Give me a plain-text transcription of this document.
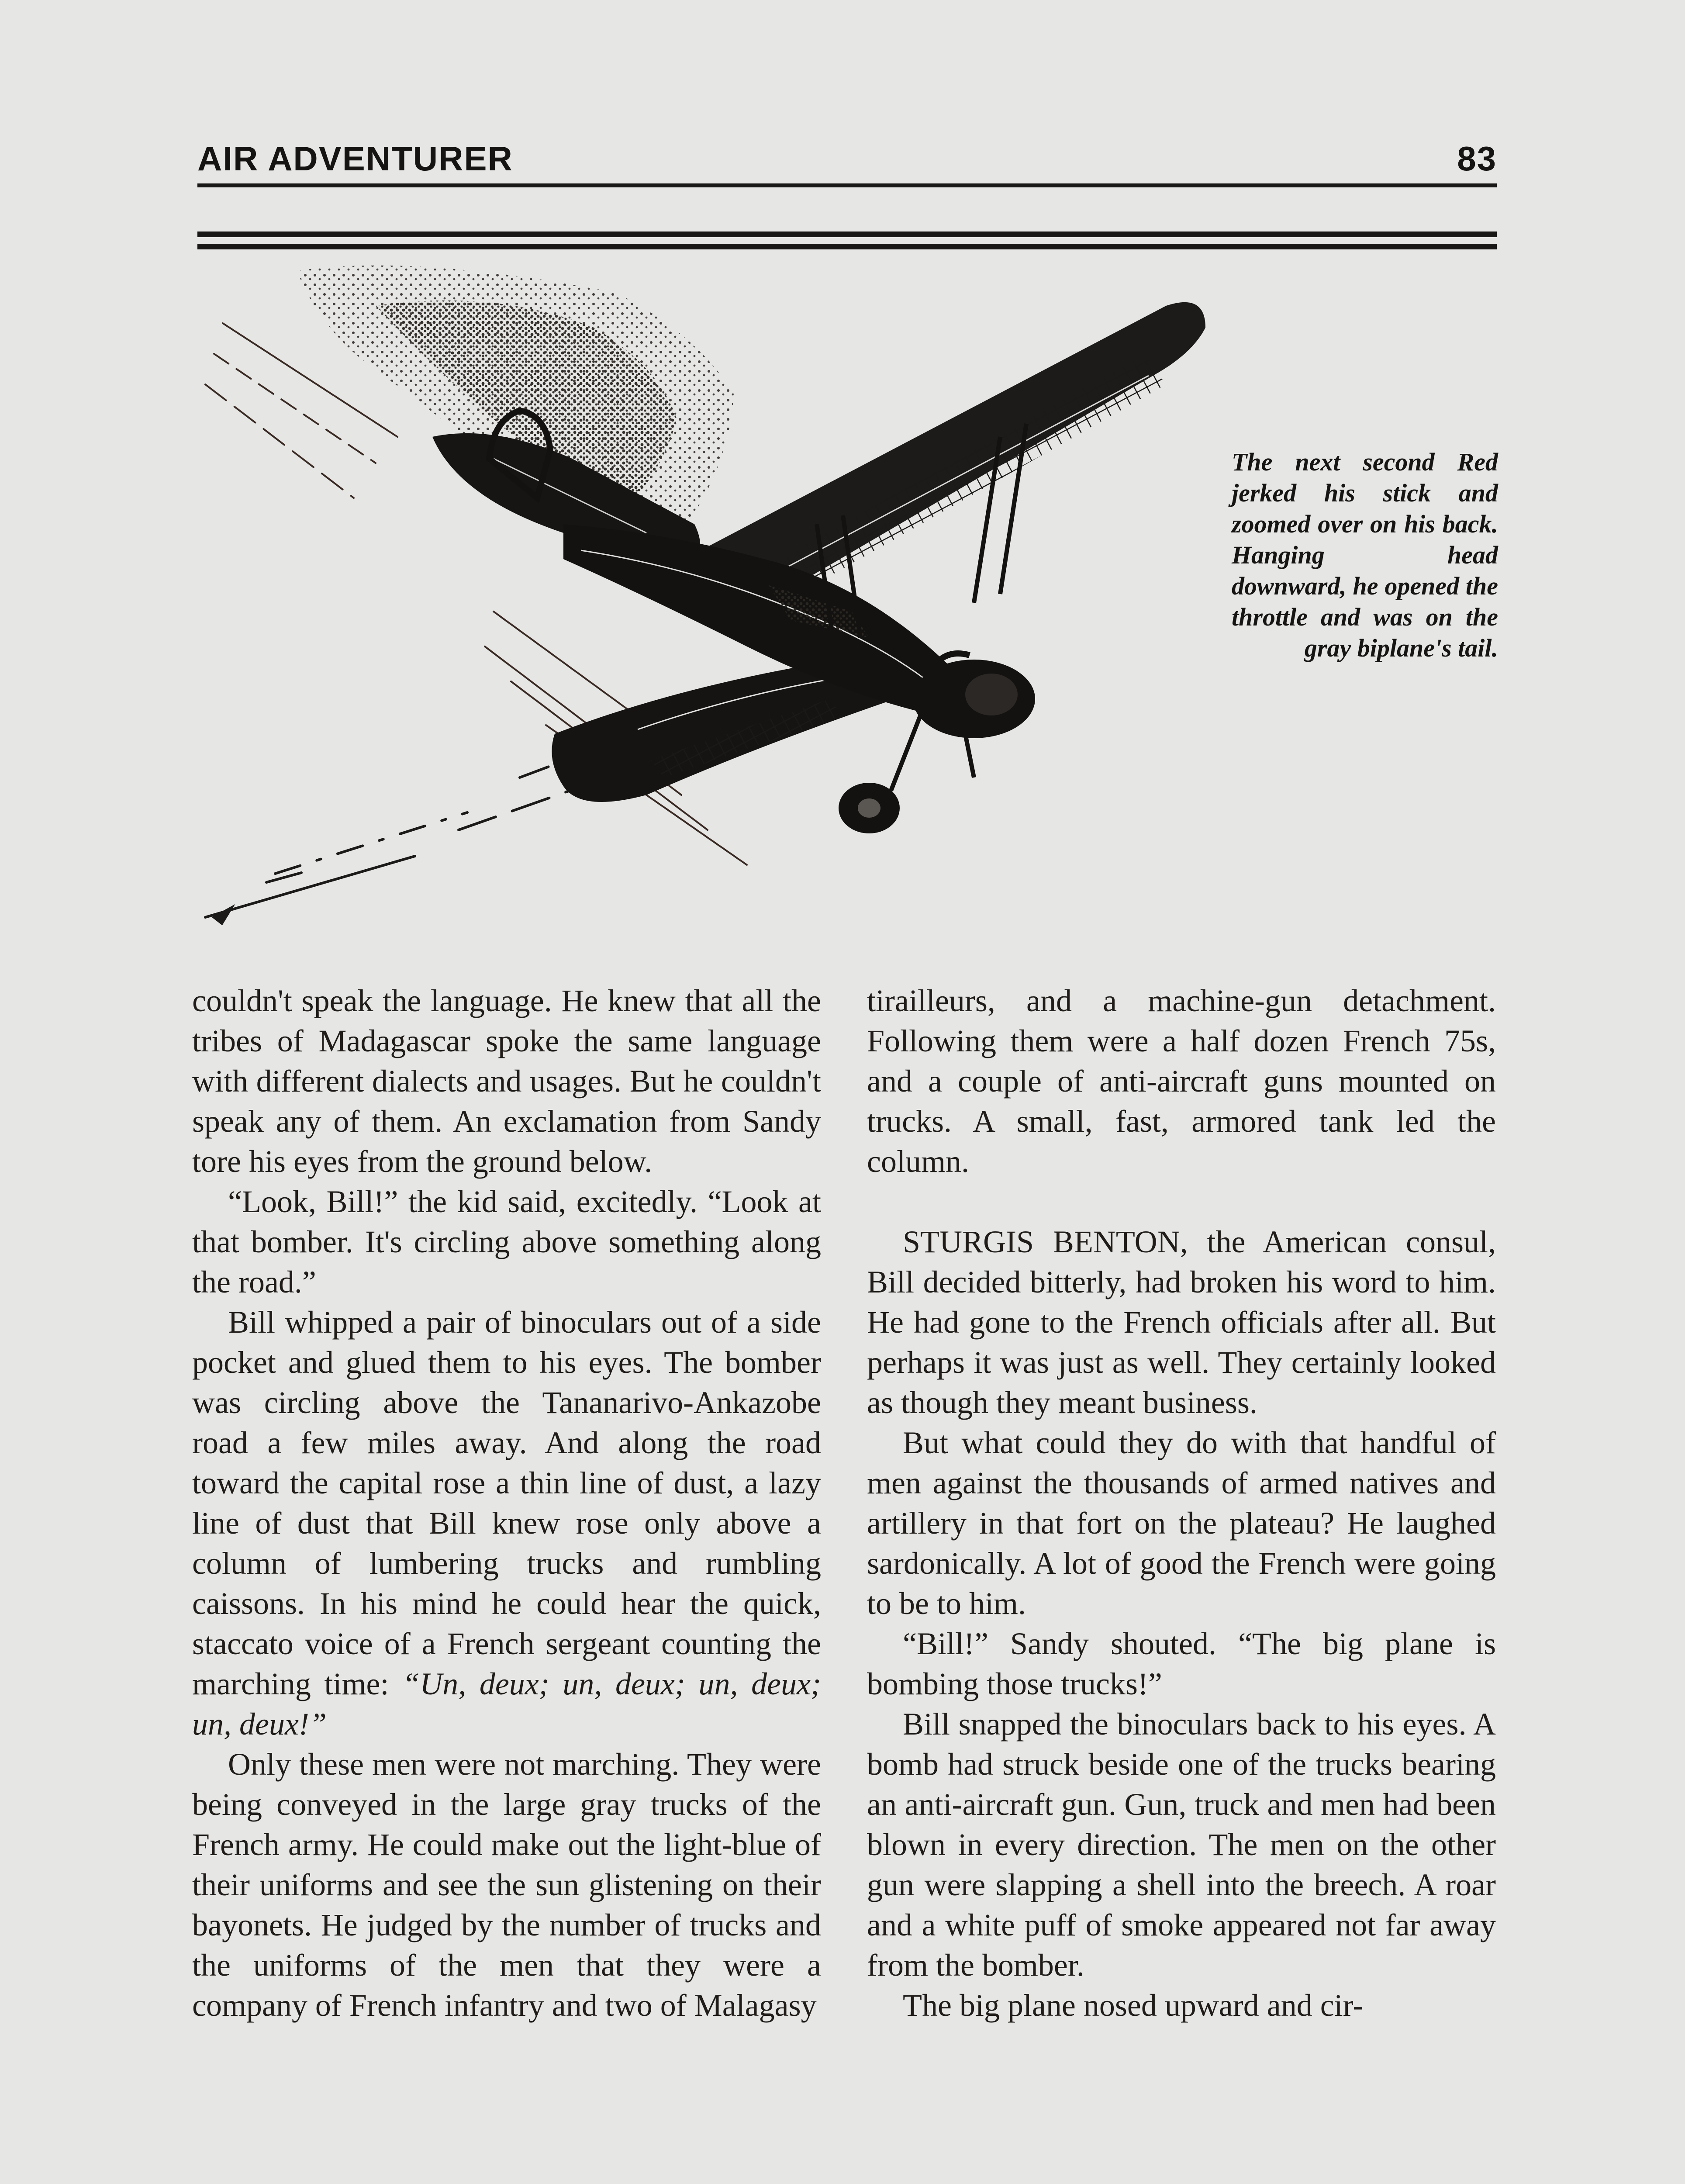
AIR ADVENTURER	83
The next second Red jerked his stick and zoomed over on his back. Hanging head downward, he opened the throttle and was on the gray biplane's tail.

couldn't speak the language. He knew that all the tribes of Madagascar spoke the same language with different dialects and usages. But he couldn't speak any of them. An exclamation from Sandy tore his eyes from the ground below.

“Look, Bill!” the kid said, excitedly. “Look at that bomber. It's circling above something along the road.”

Bill whipped a pair of binoculars out of a side pocket and glued them to his eyes. The bomber was circling above the Tananarivo-Ankazobe road a few miles away. And along the road toward the capital rose a thin line of dust, a lazy line of dust that Bill knew rose only above a column of lumbering trucks and rumbling caissons. In his mind he could hear the quick, staccato voice of a French sergeant counting the marching time: “Un, deux; un, deux; un, deux; un, deux!”

Only these men were not marching. They were being conveyed in the large gray trucks of the French army. He could make out the light-blue of their uniforms and see the sun glistening on their bayonets. He judged by the number of trucks and the uniforms of the men that they were a company of French infantry and two of Malagasy

tirailleurs, and a machine-gun detachment. Following them were a half dozen French 75s, and a couple of anti-aircraft guns mounted on trucks. A small, fast, armored tank led the column.

STURGIS BENTON, the American consul, Bill decided bitterly, had broken his word to him. He had gone to the French officials after all. But perhaps it was just as well. They certainly looked as though they meant business.

But what could they do with that handful of men against the thousands of armed natives and artillery in that fort on the plateau? He laughed sardonically. A lot of good the French were going to be to him.

“Bill!” Sandy shouted. “The big plane is bombing those trucks!”

Bill snapped the binoculars back to his eyes. A bomb had struck beside one of the trucks bearing an anti-aircraft gun. Gun, truck and men had been blown in every direction. The men on the other gun were slapping a shell into the breech. A roar and a white puff of smoke appeared not far away from the bomber.

The big plane nosed upward and cir-
